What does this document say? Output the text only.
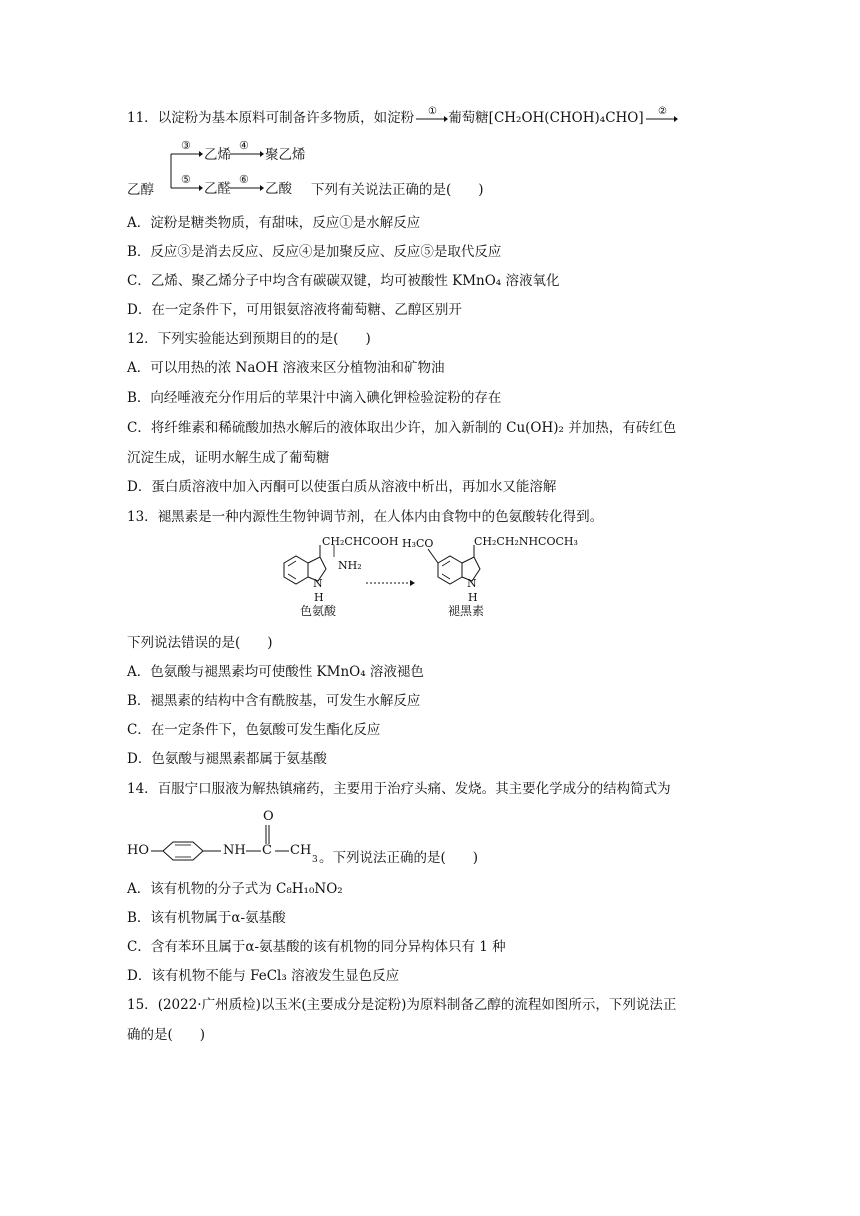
11．以淀粉为基本原料可制备许多物质，如淀粉 ① 葡萄糖[CH₂OH(CHOH)₄CHO] ②
③
乙烯
④
聚乙烯
乙醇
⑤
乙醛
⑥
乙酸 下列有关说法正确的是(　　)
A．淀粉是糖类物质，有甜味，反应①是水解反应
B．反应③是消去反应、反应④是加聚反应、反应⑤是取代反应
C．乙烯、聚乙烯分子中均含有碳碳双键，均可被酸性 KMnO₄ 溶液氧化
D．在一定条件下，可用银氨溶液将葡萄糖、乙醇区别开
12．下列实验能达到预期目的的是(　　)
A．可以用热的浓 NaOH 溶液来区分植物油和矿物油
B．向经唾液充分作用后的苹果汁中滴入碘化钾检验淀粉的存在
C．将纤维素和稀硫酸加热水解后的液体取出少许，加入新制的 Cu(OH)₂ 并加热，有砖红色
沉淀生成，证明水解生成了葡萄糖
D．蛋白质溶液中加入丙酮可以使蛋白质从溶液中析出，再加水又能溶解
13．褪黑素是一种内源性生物钟调节剂，在人体内由食物中的色氨酸转化得到。
CH₂CHCOOH
NH₂
N
H
色氨酸
H₃CO	CH₂CH₂NHCOCH₃
N
H
褪黑素
下列说法错误的是(　　)
A．色氨酸与褪黑素均可使酸性 KMnO₄ 溶液褪色
B．褪黑素的结构中含有酰胺基，可发生水解反应
C．在一定条件下，色氨酸可发生酯化反应
D．色氨酸与褪黑素都属于氨基酸
14．百服宁口服液为解热镇痛药，主要用于治疗头痛、发烧。其主要化学成分的结构简式为
O
HO	NH C CH
3 。下列说法正确的是(　　)
A．该有机物的分子式为 C₈H₁₀NO₂
B．该有机物属于α-氨基酸
C．含有苯环且属于α-氨基酸的该有机物的同分异构体只有 1 种
D．该有机物不能与 FeCl₃ 溶液发生显色反应
15．(2022·广州质检)以玉米(主要成分是淀粉)为原料制备乙醇的流程如图所示，下列说法正
确的是(　　)
